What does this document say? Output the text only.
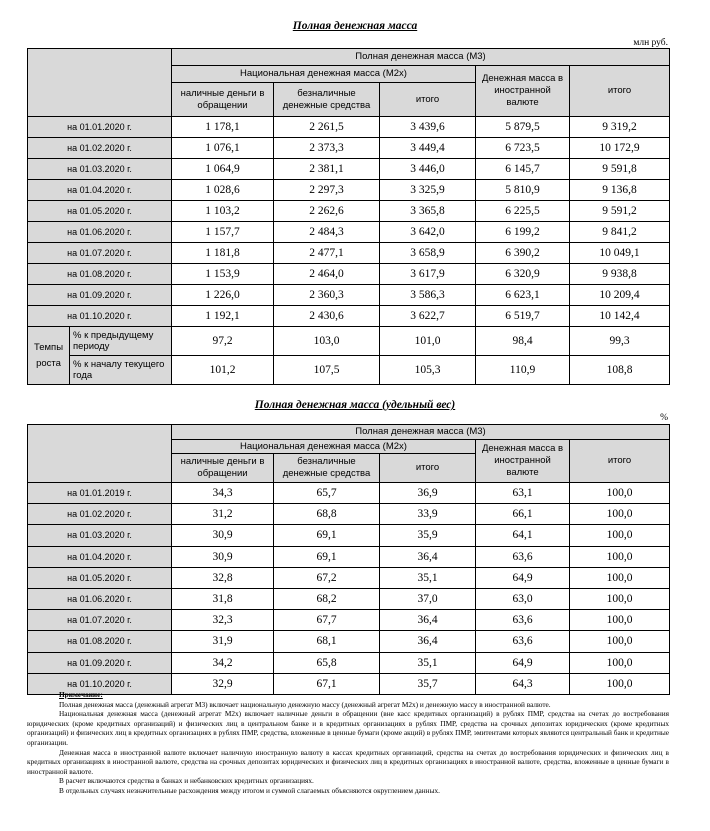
Полная денежная масса
млн руб.
		Полная денежная масса (М3)				
		Национальная денежная масса (М2х)			Денежная масса в иностранной валюте	итого
		наличные деньги в обращении	безналичные денежные средства	итого		
на 01.01.2020 г.		1 178,1	2 261,5	3 439,6	5 879,5	9 319,2
на 01.02.2020 г.		1 076,1	2 373,3	3 449,4	6 723,5	10 172,9
на 01.03.2020 г.		1 064,9	2 381,1	3 446,0	6 145,7	9 591,8
на 01.04.2020 г.		1 028,6	2 297,3	3 325,9	5 810,9	9 136,8
на 01.05.2020 г.		1 103,2	2 262,6	3 365,8	6 225,5	9 591,2
на 01.06.2020 г.		1 157,7	2 484,3	3 642,0	6 199,2	9 841,2
на 01.07.2020 г.		1 181,8	2 477,1	3 658,9	6 390,2	10 049,1
на 01.08.2020 г.		1 153,9	2 464,0	3 617,9	6 320,9	9 938,8
на 01.09.2020 г.		1 226,0	2 360,3	3 586,3	6 623,1	10 209,4
на 01.10.2020 г.		1 192,1	2 430,6	3 622,7	6 519,7	10 142,4
Темпы роста	% к предыдущему периоду	97,2	103,0	101,0	98,4	99,3
	% к началу текущего года	101,2	107,5	105,3	110,9	108,8
Полная денежная масса (удельный вес)
%
	Полная денежная масса (М3)				
	Национальная денежная масса (М2х)			Денежная масса в иностранной валюте	итого
	наличные деньги в обращении	безналичные денежные средства	итого		
на 01.01.2019 г.	34,3	65,7	36,9	63,1	100,0
на 01.02.2020 г.	31,2	68,8	33,9	66,1	100,0
на 01.03.2020 г.	30,9	69,1	35,9	64,1	100,0
на 01.04.2020 г.	30,9	69,1	36,4	63,6	100,0
на 01.05.2020 г.	32,8	67,2	35,1	64,9	100,0
на 01.06.2020 г.	31,8	68,2	37,0	63,0	100,0
на 01.07.2020 г.	32,3	67,7	36,4	63,6	100,0
на 01.08.2020 г.	31,9	68,1	36,4	63,6	100,0
на 01.09.2020 г.	34,2	65,8	35,1	64,9	100,0
на 01.10.2020 г.	32,9	67,1	35,7	64,3	100,0
Примечание:

Полная денежная масса (денежный агрегат М3) включает национальную денежную массу (денежный агрегат М2х) и денежную массу в иностранной валюте.

Национальная денежная масса (денежный агрегат М2х) включает наличные деньги в обращении (вне касс кредитных организаций) в рублях ПМР, средства на счетах до востребования юридических (кроме кредитных организаций) и физических лиц в центральном банке и в кредитных организациях в рублях ПМР, средства на срочных депозитах юридических (кроме кредитных организаций) и физических лиц в кредитных организациях в рублях ПМР, средства, вложенные в ценные бумаги (кроме акций) в рублях ПМР, эмитентами которых являются центральный банк и кредитные организации.

Денежная масса в иностранной валюте включает наличную иностранную валюту в кассах кредитных организаций, средства на счетах до востребования юридических и физических лиц в кредитных организациях в иностранной валюте, средства на срочных депозитах юридических и физических лиц в кредитных организациях в иностранной валюте, средства, вложенные в ценные бумаги в иностранной валюте.

В расчет включаются средства в банках и небанковских кредитных организациях.

В отдельных случаях незначительные расхождения между итогом и суммой слагаемых объясняются округлением данных.
